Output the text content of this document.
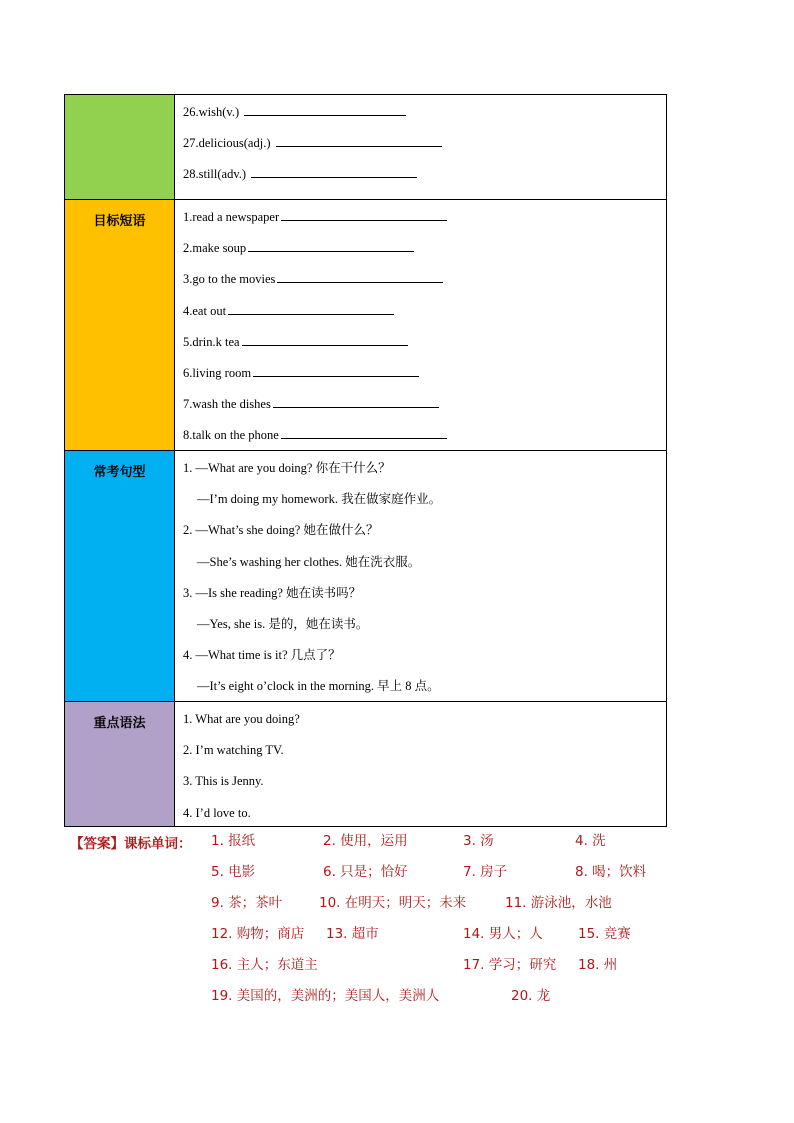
26.wish(v.)
27.delicious(adj.)
28.still(adv.)
目标短语	1.read a newspaper
2.make soup
3.go to the movies
4.eat out
5.drin.k tea
6.living room
7.wash the dishes
8.talk on the phone
常考句型	1. —What are you doing? 你在干什么？
—I’m doing my homework. 我在做家庭作业。
2. —What’s she doing? 她在做什么？
—She’s washing her clothes. 她在洗衣服。
3. —Is she reading? 她在读书吗？
—Yes, she is. 是的，她在读书。
4. —What time is it? 几点了？
—It’s eight o’clock in the morning. 早上 8 点。
重点语法	1. What are you doing?
2. I’m watching TV.
3. This is Jenny.
4. I’d love to.
【答案】课标单词： 1. 报纸	2. 使用，运用	3. 汤	4. 洗
5. 电影	6. 只是；恰好	7. 房子	8. 喝；饮料
9. 茶；茶叶	10. 在明天；明天；未来	11. 游泳池，水池
12. 购物；商店 13. 超市	14. 男人；人	15. 竞赛
16. 主人；东道主	17. 学习；研究 18. 州
19. 美国的，美洲的；美国人，美洲人	20. 龙
